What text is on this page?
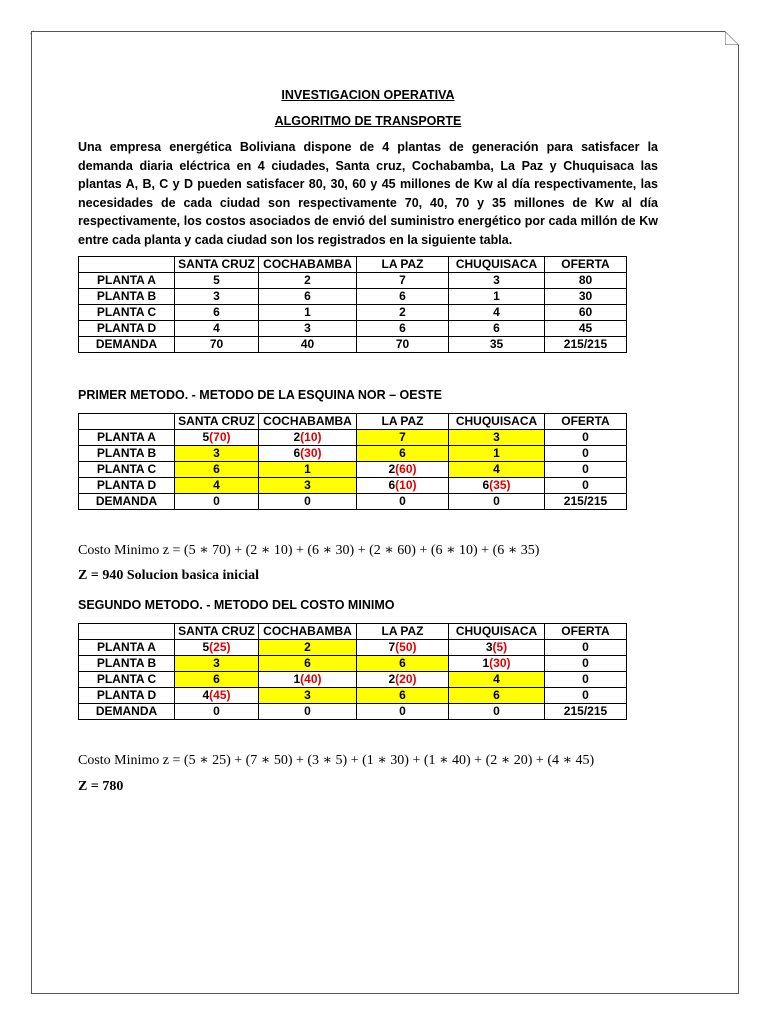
INVESTIGACION OPERATIVA
ALGORITMO DE TRANSPORTE

Una empresa energética Boliviana dispone de 4 plantas de generación para satisfacer la demanda diaria eléctrica en 4 ciudades, Santa cruz, Cochabamba, La Paz y Chuquisaca las plantas A, B, C y D pueden satisfacer 80, 30, 60 y 45 millones de Kw al día respectivamente, las necesidades de cada ciudad son respectivamente 70, 40, 70 y 35 millones de Kw al día respectivamente, los costos asociados de envió del suministro energético por cada millón de Kw entre cada planta y cada ciudad son los registrados en la siguiente tabla.

	SANTA CRUZ	COCHABAMBA	LA PAZ	CHUQUISACA	OFERTA
PLANTA A	5	2	7	3	80
PLANTA B	3	6	6	1	30
PLANTA C	6	1	2	4	60
PLANTA D	4	3	6	6	45
DEMANDA	70	40	70	35	215/215
PRIMER METODO. - METODO DE LA ESQUINA NOR – OESTE
	SANTA CRUZ	COCHABAMBA	LA PAZ	CHUQUISACA	OFERTA
PLANTA A	5(70)	2(10)	7	3	0
PLANTA B	3	6(30)	6	1	0
PLANTA C	6	1	2(60)	4	0
PLANTA D	4	3	6(10)	6(35)	0
DEMANDA	0	0	0	0	215/215
Costo Minimo z = (5 ∗ 70) + (2 ∗ 10) + (6 ∗ 30) + (2 ∗ 60) + (6 ∗ 10) + (6 ∗ 35)
Z = 940 Solucion basica inicial
SEGUNDO METODO. - METODO DEL COSTO MINIMO
	SANTA CRUZ	COCHABAMBA	LA PAZ	CHUQUISACA	OFERTA
PLANTA A	5(25)	2	7(50)	3(5)	0
PLANTA B	3	6	6	1(30)	0
PLANTA C	6	1(40)	2(20)	4	0
PLANTA D	4(45)	3	6	6	0
DEMANDA	0	0	0	0	215/215
Costo Minimo z = (5 ∗ 25) + (7 ∗ 50) + (3 ∗ 5) + (1 ∗ 30) + (1 ∗ 40) + (2 ∗ 20) + (4 ∗ 45)
Z = 780
